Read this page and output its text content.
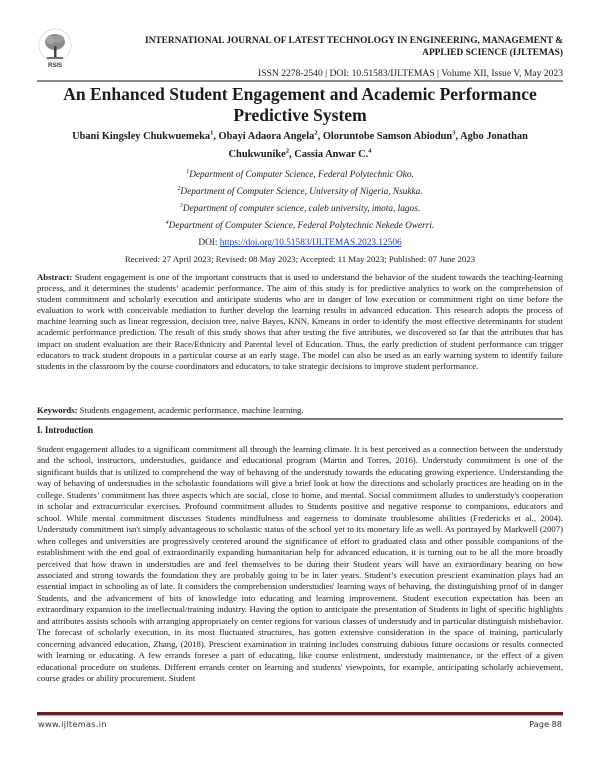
RSIS
INTERNATIONAL JOURNAL OF LATEST TECHNOLOGY IN ENGINEERING, MANAGEMENT &
APPLIED SCIENCE (IJLTEMAS)
ISSN 2278-2540 | DOI: 10.51583/IJLTEMAS | Volume XII, Issue V, May 2023
An Enhanced Student Engagement and Academic Performance
Predictive System
Ubani Kingsley Chukwuemeka$^1$, Obayi Adaora Angela$^2$, Oloruntobe Samson Abiodun$^3$, Agbo Jonathan Chukwunike$^2$, Cassia Anwar C.$^4$
$^1$Department of Computer Science, Federal Polytechnic Oko.
$^2$Department of Computer Science, University of Nigeria, Nsukka.
$^3$Department of computer science, caleb university, imota, lagos.
$^4$Department of Computer Science, Federal Polytechnic Nekede Owerri.
DOI: https://doi.org/10.51583/IJLTEMAS.2023.12506
Received: 27 April 2023; Revised: 08 May 2023; Accepted: 11 May 2023; Published: 07 June 2023
Abstract: Student engagement is one of the important constructs that is used to understand the behavior of the student towards the teaching-learning process, and it determines the students’ academic performance. The aim of this study is for predictive analytics to work on the comprehension of student commitment and scholarly execution and anticipate students who are in danger of low execution or commitment right on time before the evaluation to work with conceivable mediation to further develop the learning results in advanced education. This research adopts the process of machine learning such as linear regression, decision tree, naïve Bayes, KNN, Kmeans in order to identify the most effective determinants for student academic performance prediction. The result of this study shows that after testing the five attributes, we discovered so far that the attributes that has impact on student evaluation are their Race/Ethnicity and Parental level of Education. Thus, the early prediction of student performance can trigger educators to track student dropouts in a particular course at an early stage. The model can also be used as an early warning system to identify failure students in the classroom by the course coordinators and educators, to take strategic decisions to improve student performance.
Keywords: Students engagement, academic performance, machine learning.
I. Introduction
Student engagement alludes to a significant commitment all through the learning climate. It is best perceived as a connection between the understudy and the school, instructors, understudies, guidance and educational program (Martin and Torres, 2016). Understudy commitment is one of the significant builds that is utilized to comprehend the way of behaving of the understudy towards the educating growing experience. Understanding the way of behaving of understudies in the scholastic foundations will give a brief look at how the directions and scholarly practices are heading on in the college. Students’ commitment has three aspects which are social, close to home, and mental. Social commitment alludes to understudy's cooperation in scholar and extracurricular exercises. Profound commitment alludes to Students positive and negative response to companions, educators and school. While mental commitment discusses Students mindfulness and eagerness to dominate troublesome abilities (Fredericks et al., 2004). Understudy commitment isn't simply advantageous to scholastic status of the school yet to its monetary life as well. As portrayed by Markwell (2007) when colleges and universities are progressively centered around the significance of effort to graduated class and other possible companions of the establishment with the end goal of extraordinarily expanding humanitarian help for advanced education, it is turning out to be all the more broadly perceived that how drawn in understudies are and feel themselves to be during their Student years will have an extraordinary bearing on how associated and strong towards the foundation they are probably going to be in later years. Student’s execution prescient examination plays had an essential impact in schooling as of late. It considers the comprehension understudies' learning ways of behaving, the distinguishing proof of in danger Students, and the advancement of bits of knowledge into educating and learning improvement. Student execution expectation has been an extraordinary expansion to the intellectual/training industry. Having the option to anticipate the presentation of Students in light of specific highlights and attributes assists schools with arranging appropriately on center regions for various classes of understudy and in particular distinguish misbehavior. The forecast of scholarly execution, in its most fluctuated structures, has gotten extensive consideration in the space of training, particularly concerning advanced education, Zhang, (2018). Prescient examination in training includes construing dubious future occasions or results connected with learning or educating. A few errands foresee a part of educating, like course enlistment, understudy maintenance, or the effect of a given educational procedure on students. Different errands center on learning and students' viewpoints, for example, anticipating scholarly achievement, course grades or ability procurement. Student
www.ijltemas.in	Page 88
